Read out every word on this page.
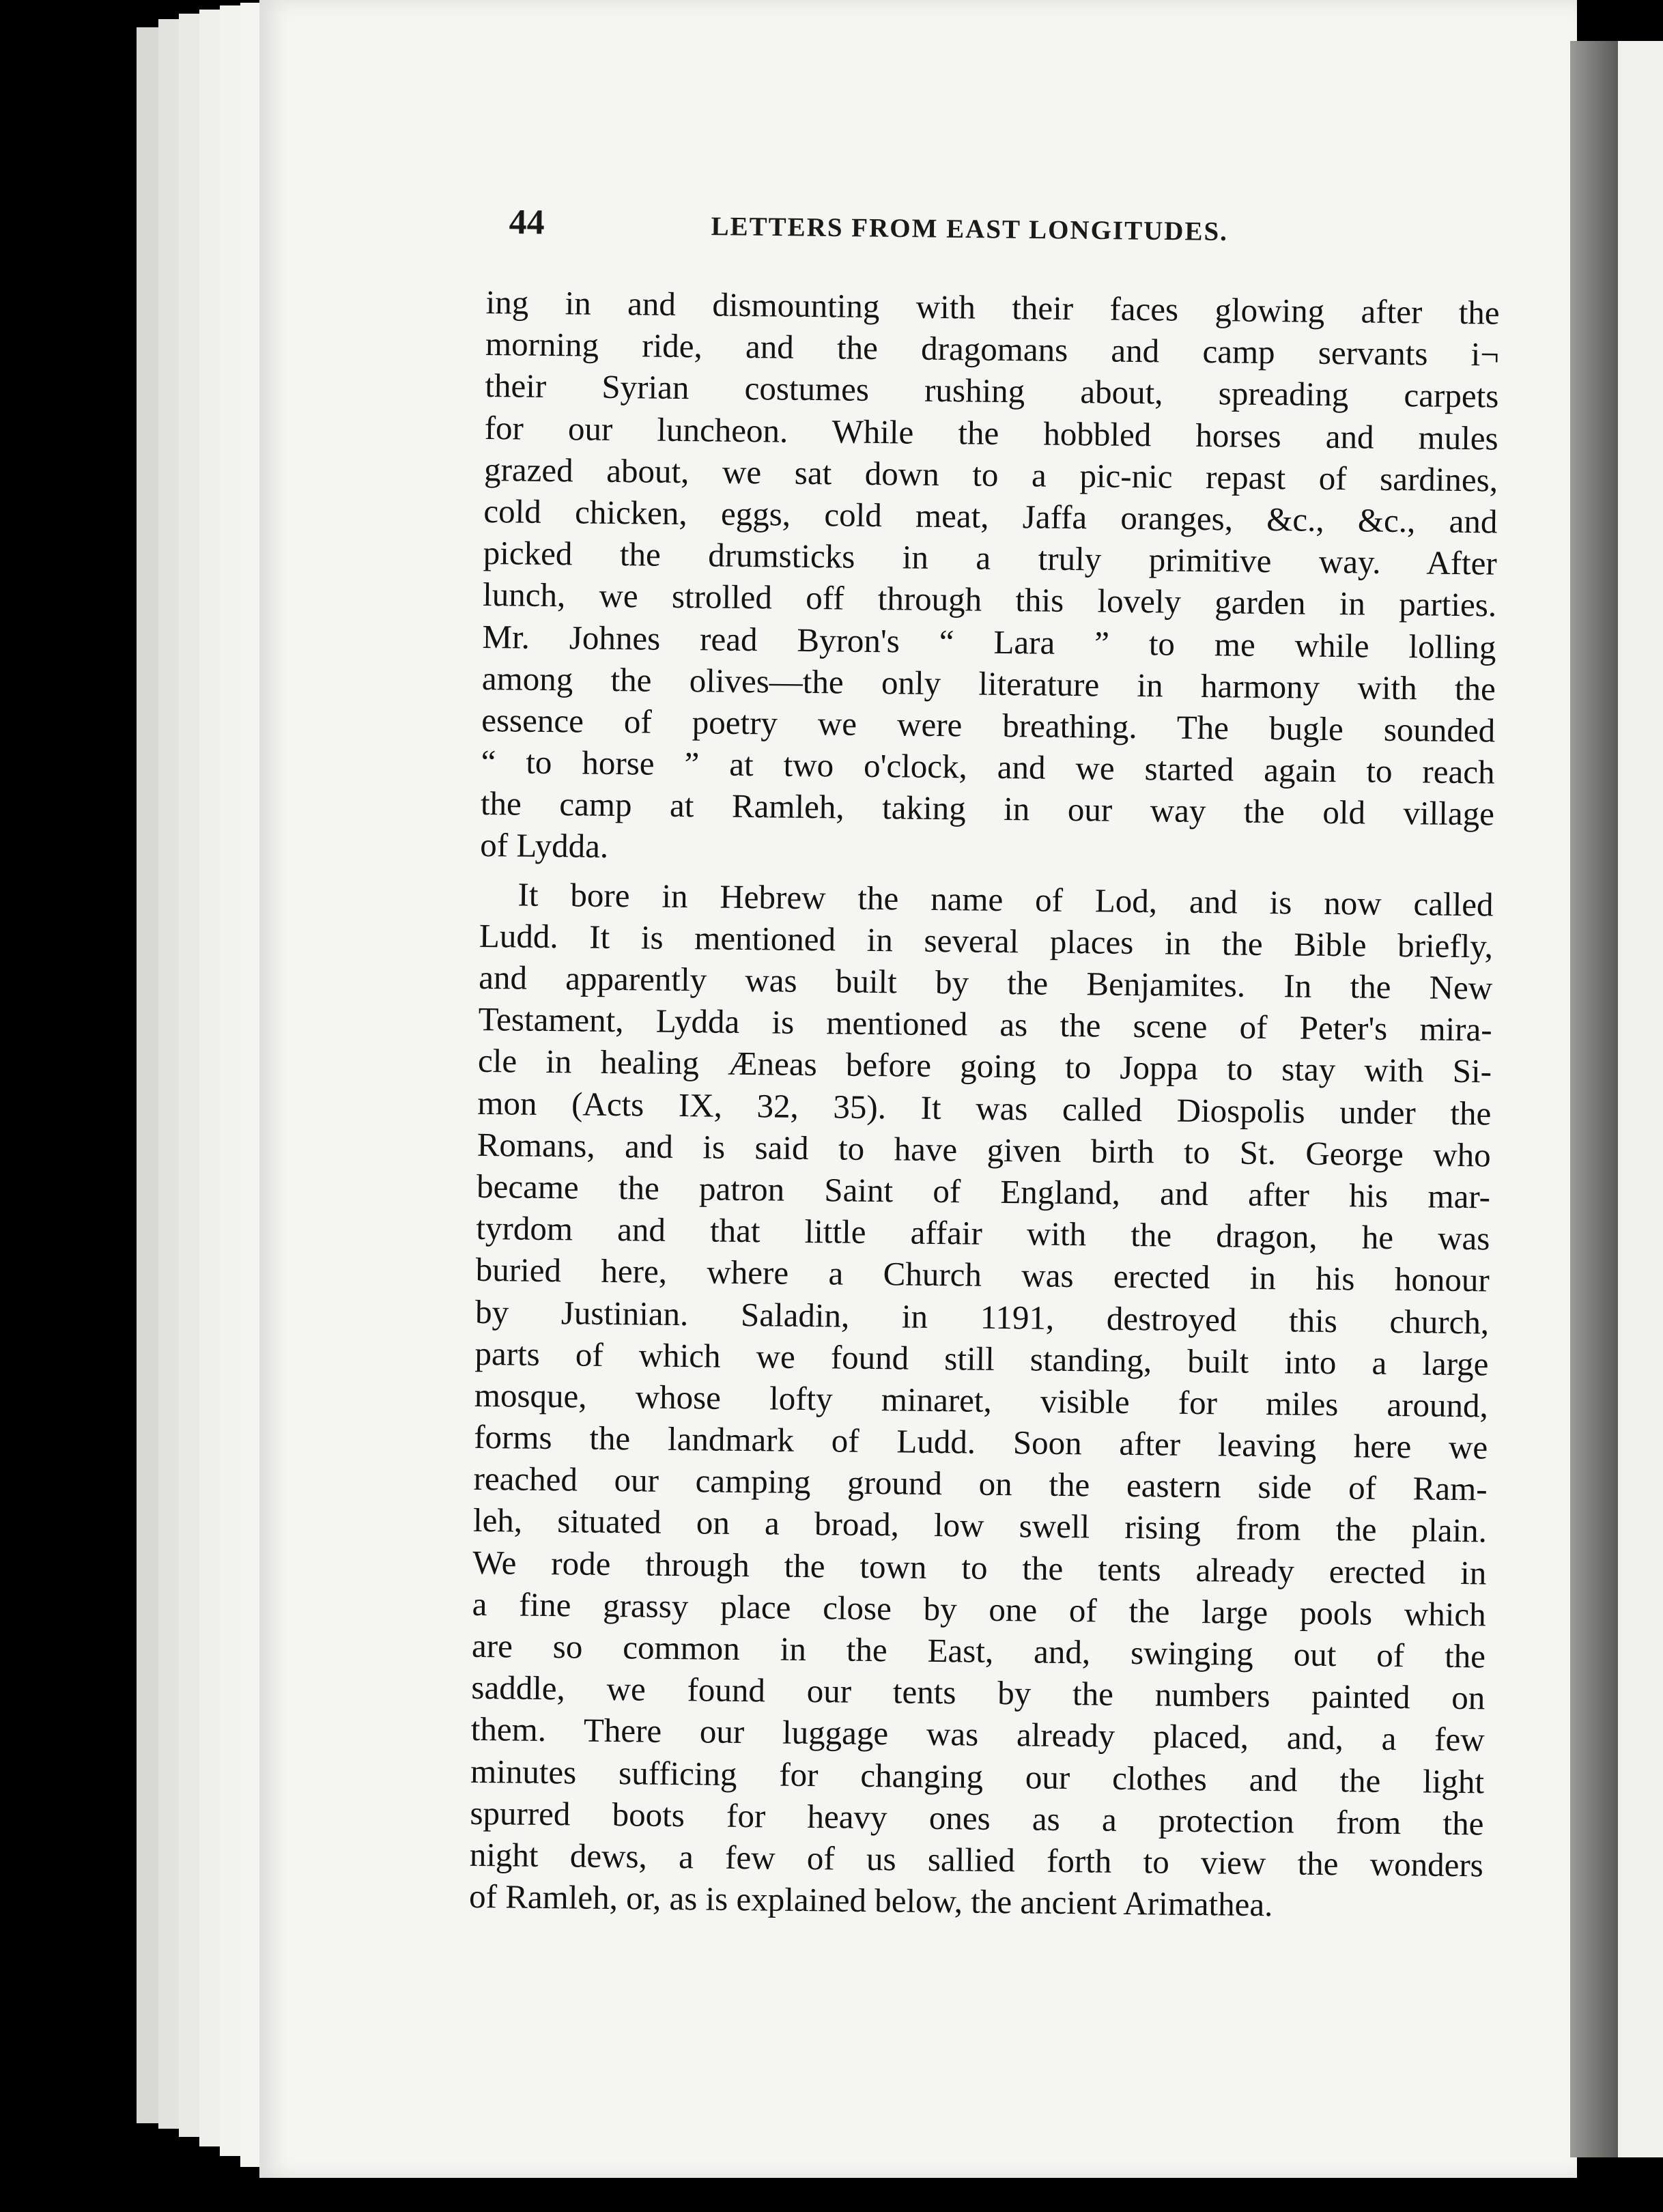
44	LETTERS FROM EAST LONGITUDES.
ing in and dismounting with their faces glowing after the
morning ride, and the dragomans and camp servants i¬
their Syrian costumes rushing about, spreading carpets
for our luncheon. While the hobbled horses and mules
grazed about, we sat down to a pic-nic repast of sardines,
cold chicken, eggs, cold meat, Jaffa oranges, &c., &c., and
picked the drumsticks in a truly primitive way. After
lunch, we strolled off through this lovely garden in parties.
Mr. Johnes read Byron's “ Lara ” to me while lolling
among the olives—the only literature in harmony with the
essence of poetry we were breathing. The bugle sounded
“ to horse ” at two o'clock, and we started again to reach
the camp at Ramleh, taking in our way the old village
of Lydda.
It bore in Hebrew the name of Lod, and is now called
Ludd. It is mentioned in several places in the Bible briefly,
and apparently was built by the Benjamites. In the New
Testament, Lydda is mentioned as the scene of Peter's mira-
cle in healing Æneas before going to Joppa to stay with Si-
mon (Acts IX, 32, 35). It was called Diospolis under the
Romans, and is said to have given birth to St. George who
became the patron Saint of England, and after his mar-
tyrdom and that little affair with the dragon, he was
buried here, where a Church was erected in his honour
by Justinian. Saladin, in 1191, destroyed this church,
parts of which we found still standing, built into a large
mosque, whose lofty minaret, visible for miles around,
forms the landmark of Ludd. Soon after leaving here we
reached our camping ground on the eastern side of Ram-
leh, situated on a broad, low swell rising from the plain.
We rode through the town to the tents already erected in
a fine grassy place close by one of the large pools which
are so common in the East, and, swinging out of the
saddle, we found our tents by the numbers painted on
them. There our luggage was already placed, and, a few
minutes sufficing for changing our clothes and the light
spurred boots for heavy ones as a protection from the
night dews, a few of us sallied forth to view the wonders
of Ramleh, or, as is explained below, the ancient Arimathea.
